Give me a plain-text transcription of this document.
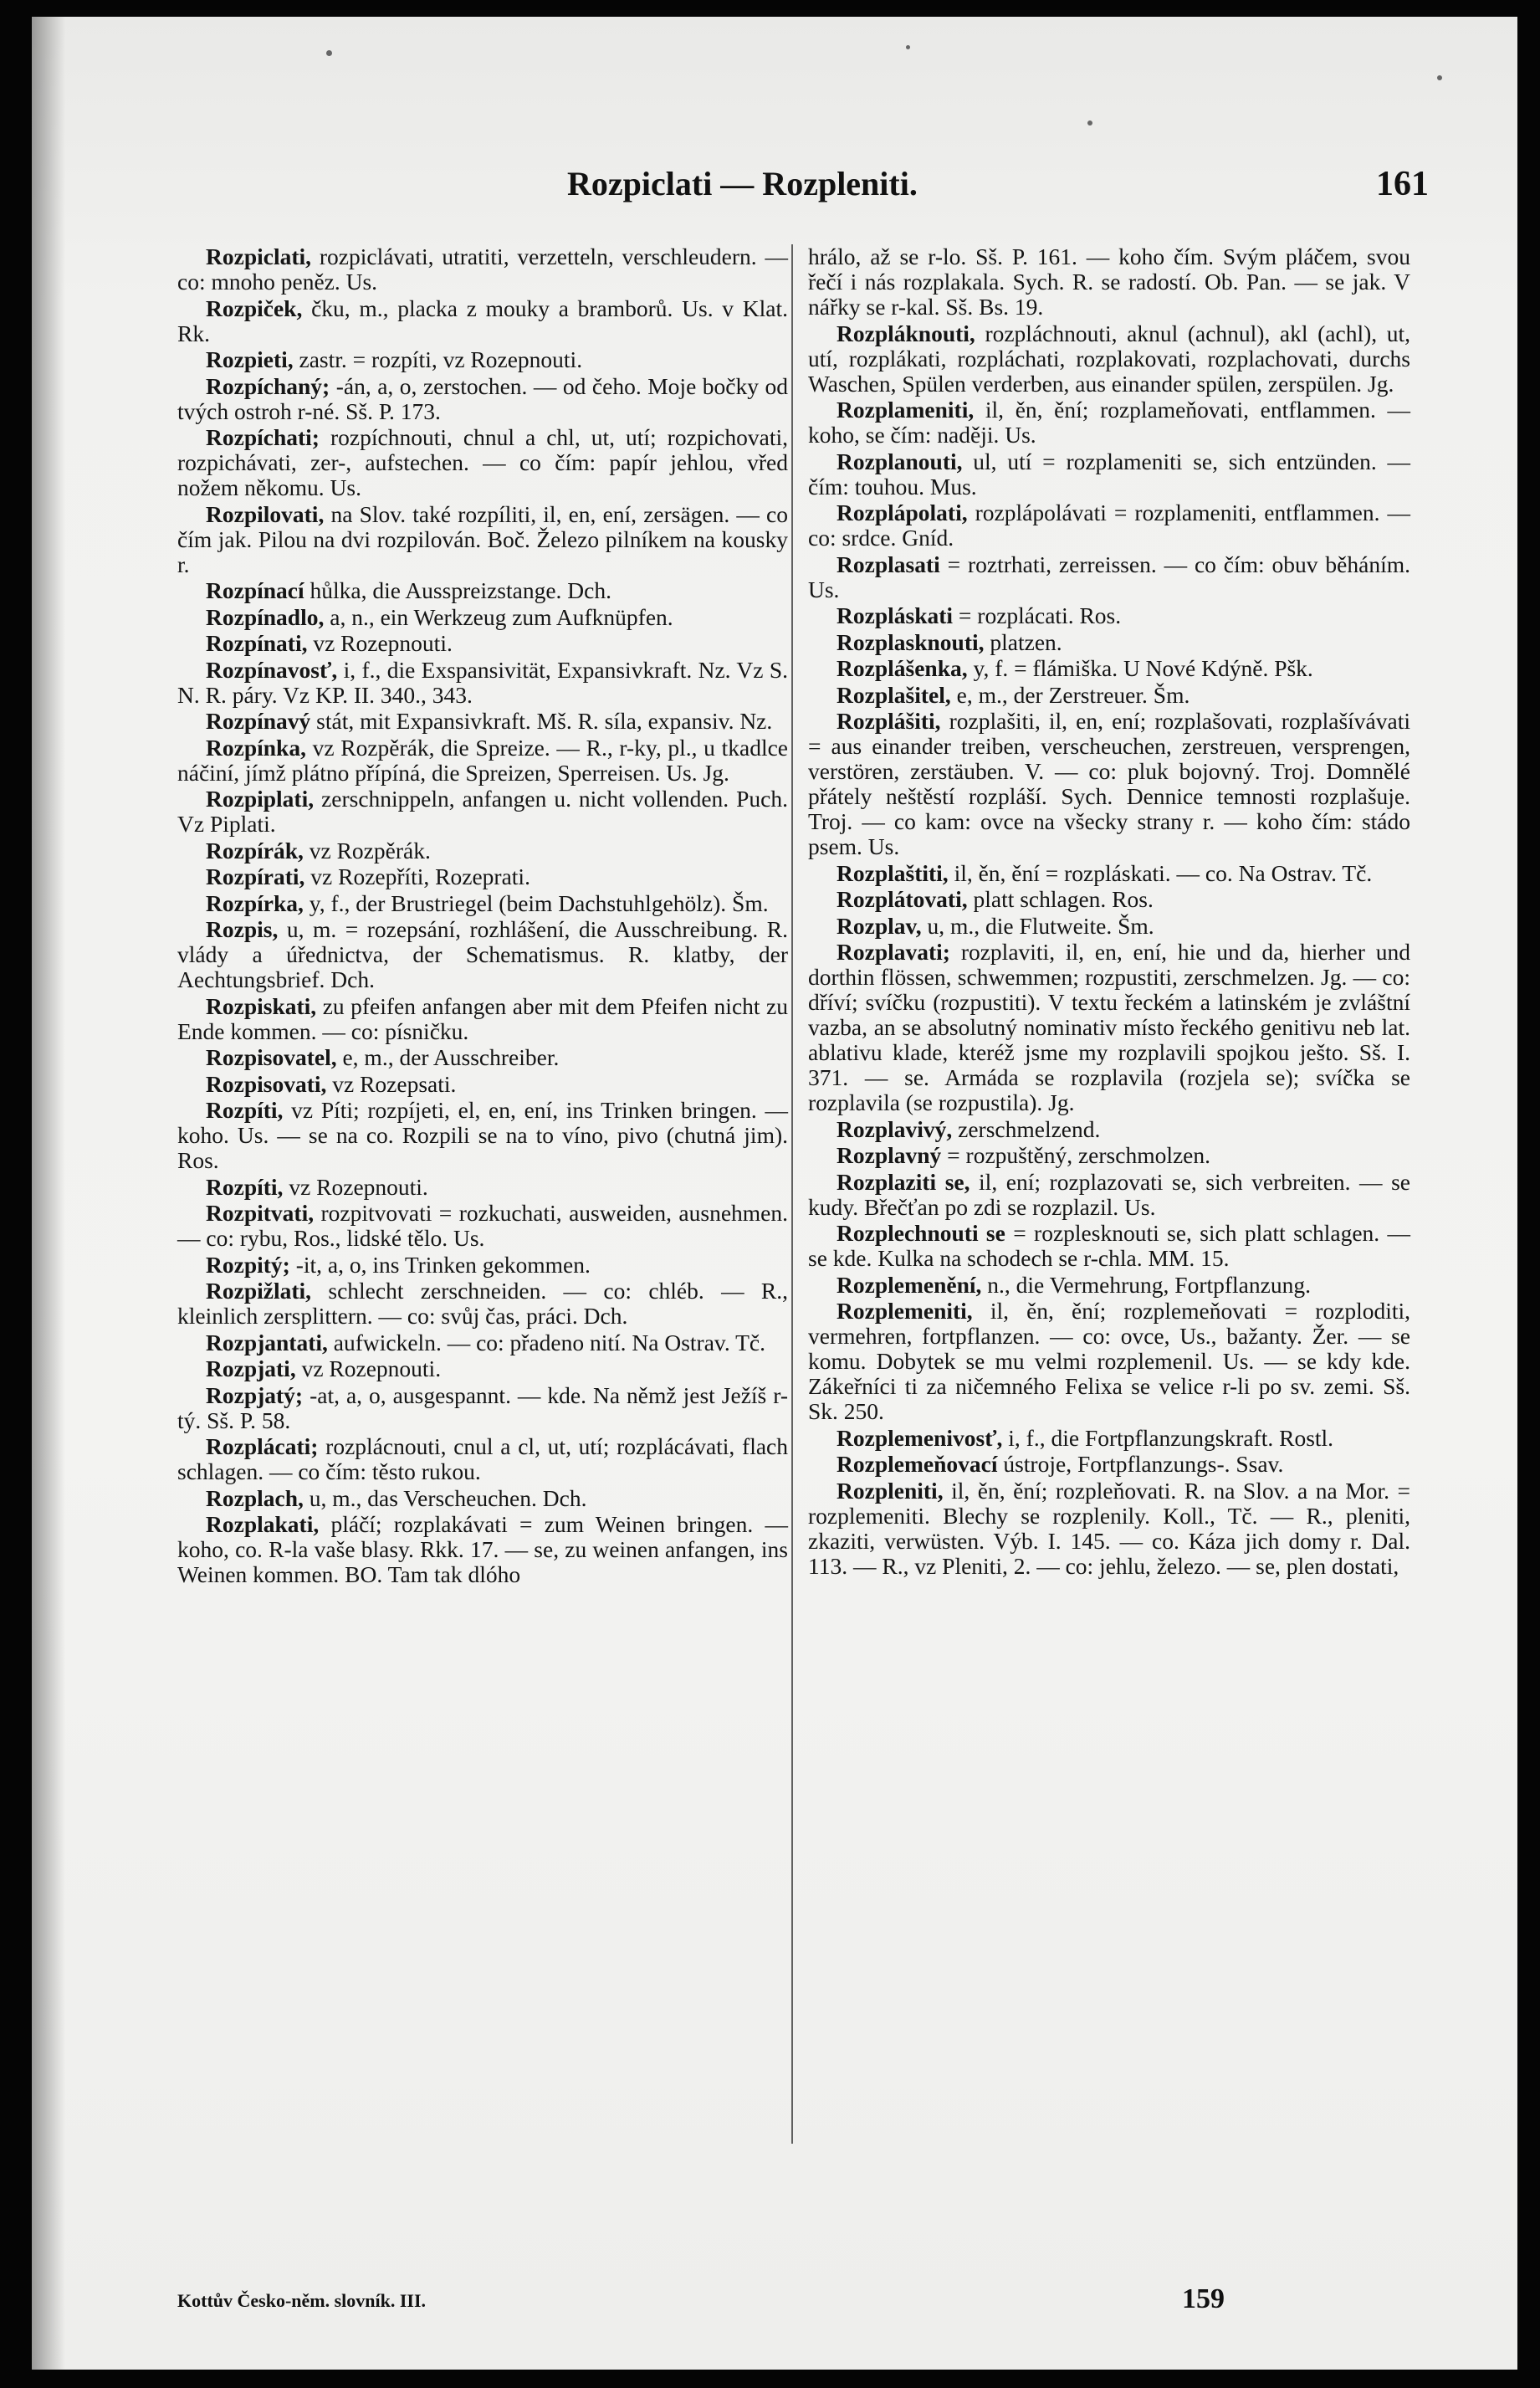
Rozpiclati — Rozpleniti.	161

Rozpiclati, rozpiclávati, utratiti, verzetteln, verschleudern. — co: mnoho peněz. Us.

Rozpiček, čku, m., placka z mouky a bramborů. Us. v Klat. Rk.

Rozpieti, zastr. = rozpíti, vz Rozepnouti.

Rozpíchaný; -án, a, o, zerstochen. — od čeho. Moje bočky od tvých ostroh r-né. Sš. P. 173.

Rozpíchati; rozpíchnouti, chnul a chl, ut, utí; rozpichovati, rozpichávati, zer-, aufstechen. — co čím: papír jehlou, vřed nožem někomu. Us.

Rozpilovati, na Slov. také rozpíliti, il, en, ení, zersägen. — co čím jak. Pilou na dvi rozpilován. Boč. Železo pilníkem na kousky r.

Rozpínací hůlka, die Ausspreizstange. Dch.

Rozpínadlo, a, n., ein Werkzeug zum Aufknüpfen.

Rozpínati, vz Rozepnouti.

Rozpínavosť, i, f., die Exspansivität, Expansivkraft. Nz. Vz S. N. R. páry. Vz KP. II. 340., 343.

Rozpínavý stát, mit Expansivkraft. Mš. R. síla, expansiv. Nz.

Rozpínka, vz Rozpěrák, die Spreize. — R., r-ky, pl., u tkadlce náčiní, jímž plátno přípíná, die Spreizen, Sperreisen. Us. Jg.

Rozpiplati, zerschnippeln, anfangen u. nicht vollenden. Puch. Vz Piplati.

Rozpírák, vz Rozpěrák.

Rozpírati, vz Rozepříti, Rozeprati.

Rozpírka, y, f., der Brustriegel (beim Dachstuhlgehölz). Šm.

Rozpis, u, m. = rozepsání, rozhlášení, die Ausschreibung. R. vlády a úřednictva, der Schematismus. R. klatby, der Aechtungsbrief. Dch.

Rozpiskati, zu pfeifen anfangen aber mit dem Pfeifen nicht zu Ende kommen. — co: písničku.

Rozpisovatel, e, m., der Ausschreiber.

Rozpisovati, vz Rozepsati.

Rozpíti, vz Píti; rozpíjeti, el, en, ení, ins Trinken bringen. — koho. Us. — se na co. Rozpili se na to víno, pivo (chutná jim). Ros.

Rozpíti, vz Rozepnouti.

Rozpitvati, rozpitvovati = rozkuchati, ausweiden, ausnehmen. — co: rybu, Ros., lidské tělo. Us.

Rozpitý; -it, a, o, ins Trinken gekommen.

Rozpižlati, schlecht zerschneiden. — co: chléb. — R., kleinlich zersplittern. — co: svůj čas, práci. Dch.

Rozpjantati, aufwickeln. — co: přadeno nití. Na Ostrav. Tč.

Rozpjati, vz Rozepnouti.

Rozpjatý; -at, a, o, ausgespannt. — kde. Na němž jest Ježíš r-tý. Sš. P. 58.

Rozplácati; rozplácnouti, cnul a cl, ut, utí; rozplácávati, flach schlagen. — co čím: těsto rukou.

Rozplach, u, m., das Verscheuchen. Dch.

Rozplakati, pláčí; rozplakávati = zum Weinen bringen. — koho, co. R-la vaše blasy. Rkk. 17. — se, zu weinen anfangen, ins Weinen kommen. BO. Tam tak dlóho

hrálo, až se r-lo. Sš. P. 161. — koho čím. Svým pláčem, svou řečí i nás rozplakala. Sych. R. se radostí. Ob. Pan. — se jak. V nářky se r-kal. Sš. Bs. 19.

Rozpláknouti, rozpláchnouti, aknul (achnul), akl (achl), ut, utí, rozplákati, rozpláchati, rozplakovati, rozplachovati, durchs Waschen, Spülen verderben, aus einander spülen, zerspülen. Jg.

Rozplameniti, il, ěn, ění; rozplameňovati, entflammen. — koho, se čím: naději. Us.

Rozplanouti, ul, utí = rozplameniti se, sich entzünden. — čím: touhou. Mus.

Rozplápolati, rozplápolávati = rozplameniti, entflammen. — co: srdce. Gníd.

Rozplasati = roztrhati, zerreissen. — co čím: obuv běháním. Us.

Rozpláskati = rozplácati. Ros.

Rozplasknouti, platzen.

Rozplášenka, y, f. = flámiška. U Nové Kdýně. Pšk.

Rozplašitel, e, m., der Zerstreuer. Šm.

Rozplášiti, rozplašiti, il, en, ení; rozplašovati, rozplašívávati = aus einander treiben, verscheuchen, zerstreuen, versprengen, verstören, zerstäuben. V. — co: pluk bojovný. Troj. Domnělé přátely neštěstí rozpláší. Sych. Dennice temnosti rozplašuje. Troj. — co kam: ovce na všecky strany r. — koho čím: stádo psem. Us.

Rozplaštiti, il, ěn, ění = rozpláskati. — co. Na Ostrav. Tč.

Rozplátovati, platt schlagen. Ros.

Rozplav, u, m., die Flutweite. Šm.

Rozplavati; rozplaviti, il, en, ení, hie und da, hierher und dorthin flössen, schwemmen; rozpustiti, zerschmelzen. Jg. — co: dříví; svíčku (rozpustiti). V textu řeckém a latinském je zvláštní vazba, an se absolutný nominativ místo řeckého genitivu neb lat. ablativu klade, kteréž jsme my rozplavili spojkou ješto. Sš. I. 371. — se. Armáda se rozplavila (rozjela se); svíčka se rozplavila (se rozpustila). Jg.

Rozplavivý, zerschmelzend.

Rozplavný = rozpuštěný, zerschmolzen.

Rozplaziti se, il, ení; rozplazovati se, sich verbreiten. — se kudy. Břečťan po zdi se rozplazil. Us.

Rozplechnouti se = rozplesknouti se, sich platt schlagen. — se kde. Kulka na schodech se r-chla. MM. 15.

Rozplemenění, n., die Vermehrung, Fortpflanzung.

Rozplemeniti, il, ěn, ění; rozplemeňovati = rozploditi, vermehren, fortpflanzen. — co: ovce, Us., bažanty. Žer. — se komu. Dobytek se mu velmi rozplemenil. Us. — se kdy kde. Zákeřníci ti za ničemného Felixa se velice r-li po sv. zemi. Sš. Sk. 250.

Rozplemenivosť, i, f., die Fortpflanzungskraft. Rostl.

Rozplemeňovací ústroje, Fortpflanzungs-. Ssav.

Rozpleniti, il, ěn, ění; rozpleňovati. R. na Slov. a na Mor. = rozplemeniti. Blechy se rozplenily. Koll., Tč. — R., pleniti, zkaziti, verwüsten. Výb. I. 145. — co. Káza jich domy r. Dal. 113. — R., vz Pleniti, 2. — co: jehlu, železo. — se, plen dostati,

Kottův Česko-něm. slovník. III.	159
